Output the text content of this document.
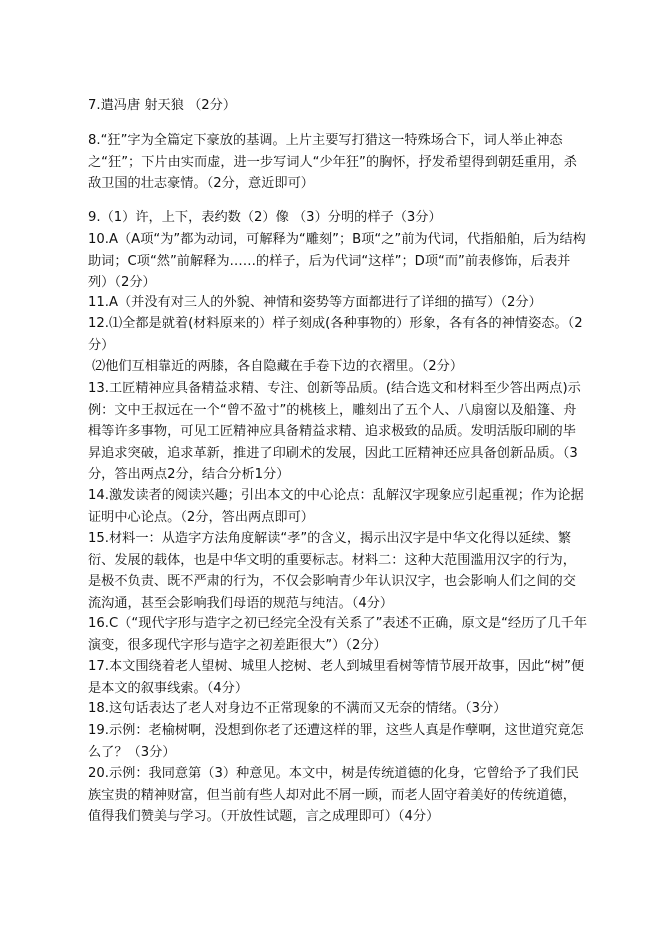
7.遣冯唐 射天狼 （2分）

8.“狂”字为全篇定下豪放的基调。上片主要写打猎这一特殊场合下，词人举止神态之“狂”；下片由实而虚，进一步写词人“少年狂”的胸怀，抒发希望得到朝廷重用，杀敌卫国的壮志豪情。（2分，意近即可）

9.（1）许，上下，表约数（2）像 （3）分明的样子（3分）

10.A（A项“为”都为动词，可解释为“雕刻”；B项“之”前为代词，代指船舶，后为结构助词；C项“然”前解释为……的样子，后为代词“这样”；D项“而”前表修饰，后表并列）（2分）

11.A（并没有对三人的外貌、神情和姿势等方面都进行了详细的描写）（2分）

12.⑴全都是就着(材料原来的）样子刻成(各种事物的）形象，各有各的神情姿态。（2分）

⑵他们互相靠近的两膝，各自隐藏在手卷下边的衣褶里。（2分）

13.工匠精神应具备精益求精、专注、创新等品质。(结合选文和材料至少答出两点)示例：文中王叔远在一个“曾不盈寸”的桃核上，雕刻出了五个人、八扇窗以及船篷、舟楫等许多事物，可见工匠精神应具备精益求精、追求极致的品质。发明活版印刷的毕昇追求突破，追求革新，推进了印刷术的发展，因此工匠精神还应具备创新品质。（3分，答出两点2分，结合分析1分）

14.激发读者的阅读兴趣；引出本文的中心论点：乱解汉字现象应引起重视；作为论据证明中心论点。（2分，答出两点即可）

15.材料一：从造字方法角度解读“孝”的含义，揭示出汉字是中华文化得以延续、繁衍、发展的载体，也是中华文明的重要标志。材料二：这种大范围滥用汉字的行为，是极不负责、既不严肃的行为，不仅会影响青少年认识汉字，也会影响人们之间的交流沟通，甚至会影响我们母语的规范与纯洁。（4分）

16.C（“现代字形与造字之初已经完全没有关系了”表述不正确，原文是“经历了几千年演变，很多现代字形与造字之初差距很大”）（2分）

17.本文围绕着老人望树、城里人挖树、老人到城里看树等情节展开故事，因此“树”便是本文的叙事线索。（4分）

18.这句话表达了老人对身边不正常现象的不满而又无奈的情绪。（3分）

19.示例：老榆树啊，没想到你老了还遭这样的罪，这些人真是作孽啊，这世道究竟怎么了？（3分）

20.示例：我同意第（3）种意见。本文中，树是传统道德的化身，它曾给予了我们民族宝贵的精神财富，但当前有些人却对此不屑一顾，而老人固守着美好的传统道德，值得我们赞美与学习。（开放性试题，言之成理即可）（4分）
